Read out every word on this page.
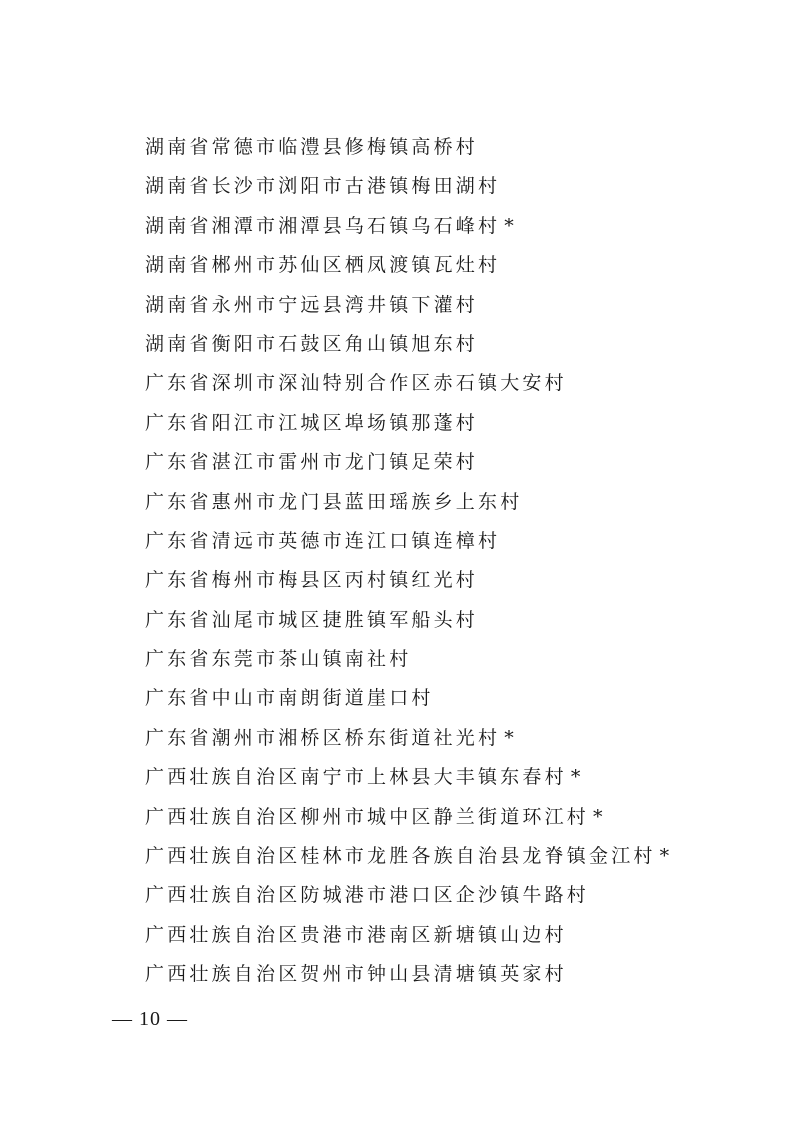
湖南省常德市临澧县修梅镇高桥村
湖南省长沙市浏阳市古港镇梅田湖村
湖南省湘潭市湘潭县乌石镇乌石峰村 *
湖南省郴州市苏仙区栖凤渡镇瓦灶村
湖南省永州市宁远县湾井镇下灌村
湖南省衡阳市石鼓区角山镇旭东村
广东省深圳市深汕特别合作区赤石镇大安村
广东省阳江市江城区埠场镇那蓬村
广东省湛江市雷州市龙门镇足荣村
广东省惠州市龙门县蓝田瑶族乡上东村
广东省清远市英德市连江口镇连樟村
广东省梅州市梅县区丙村镇红光村
广东省汕尾市城区捷胜镇军船头村
广东省东莞市茶山镇南社村
广东省中山市南朗街道崖口村
广东省潮州市湘桥区桥东街道社光村 *
广西壮族自治区南宁市上林县大丰镇东春村 *
广西壮族自治区柳州市城中区静兰街道环江村 *
广西壮族自治区桂林市龙胜各族自治县龙脊镇金江村 *
广西壮族自治区防城港市港口区企沙镇牛路村
广西壮族自治区贵港市港南区新塘镇山边村
广西壮族自治区贺州市钟山县清塘镇英家村
— 10 —
